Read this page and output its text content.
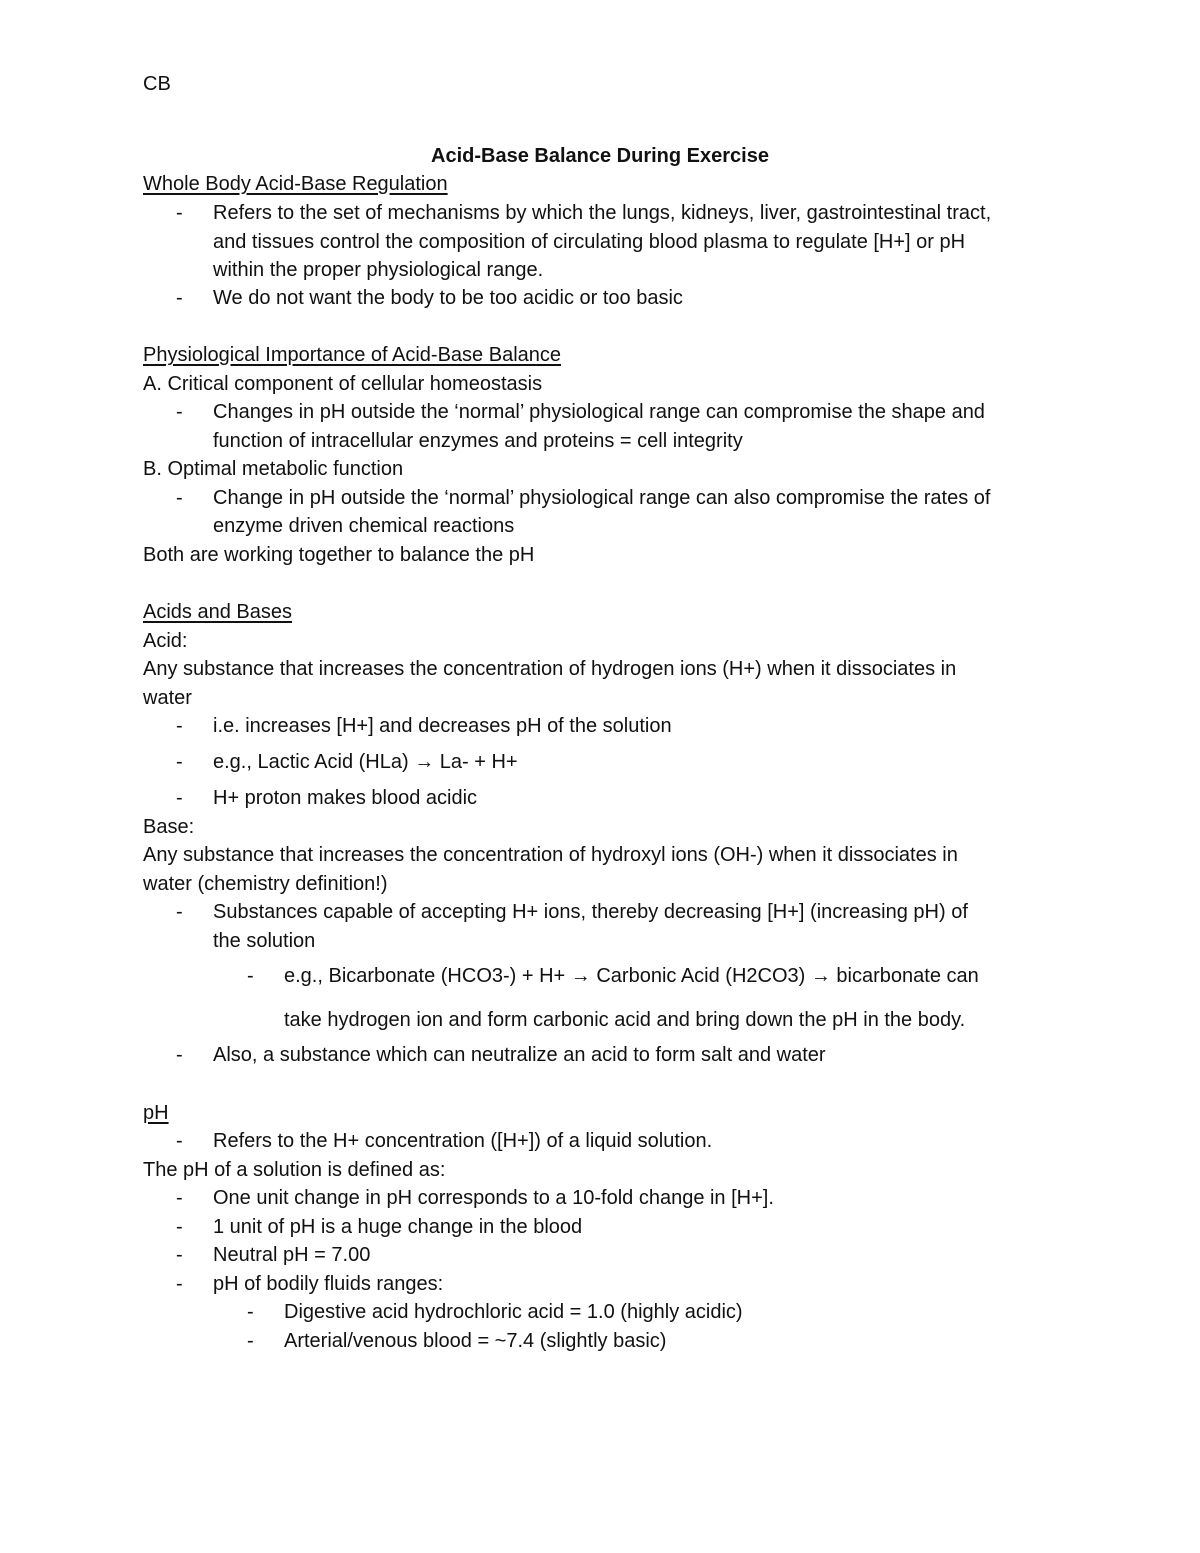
CB
Acid-Base Balance During Exercise
Whole Body Acid-Base Regulation
- Refers to the set of mechanisms by which the lungs, kidneys, liver, gastrointestinal tract,
and tissues control the composition of circulating blood plasma to regulate [H+] or pH
within the proper physiological range.
- We do not want the body to be too acidic or too basic
Physiological Importance of Acid-Base Balance
A. Critical component of cellular homeostasis
- Changes in pH outside the ‘normal’ physiological range can compromise the shape and
function of intracellular enzymes and proteins = cell integrity
B. Optimal metabolic function
- Change in pH outside the ‘normal’ physiological range can also compromise the rates of
enzyme driven chemical reactions
Both are working together to balance the pH
Acids and Bases
Acid:
Any substance that increases the concentration of hydrogen ions (H+) when it dissociates in
water
- i.e. increases [H+] and decreases pH of the solution
- e.g., Lactic Acid (HLa) → La- + H+
- H+ proton makes blood acidic
Base:
Any substance that increases the concentration of hydroxyl ions (OH-) when it dissociates in
water (chemistry definition!)
- Substances capable of accepting H+ ions, thereby decreasing [H+] (increasing pH) of
the solution
- e.g., Bicarbonate (HCO3-) + H+ → Carbonic Acid (H2CO3) → bicarbonate can
take hydrogen ion and form carbonic acid and bring down the pH in the body.
- Also, a substance which can neutralize an acid to form salt and water
pH
- Refers to the H+ concentration ([H+]) of a liquid solution.
The pH of a solution is defined as:
- One unit change in pH corresponds to a 10-fold change in [H+].
- 1 unit of pH is a huge change in the blood
- Neutral pH = 7.00
- pH of bodily fluids ranges:
- Digestive acid hydrochloric acid = 1.0 (highly acidic)
- Arterial/venous blood = ~7.4 (slightly basic)
